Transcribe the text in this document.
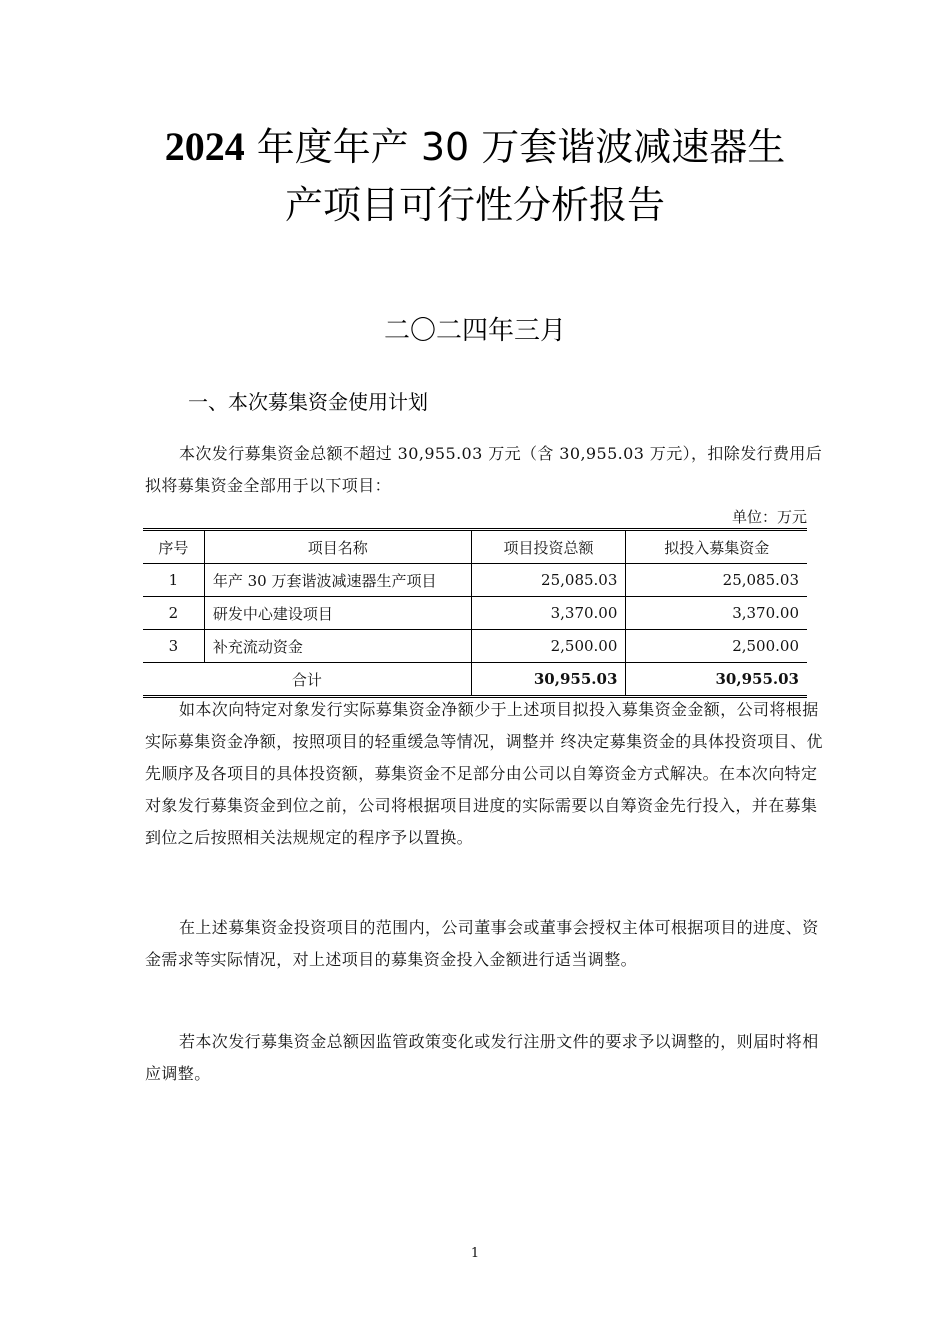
2024 年度年产 30 万套谐波减速器生
产项目可行性分析报告
二〇二四年三月
一、本次募集资金使用计划
本次发行募集资金总额不超过 30,955.03 万元（含 30,955.03 万元），扣除发行费用后拟将募集资金全部用于以下项目：
单位：万元
序号	项目名称	项目投资总额	拟投入募集资金
1	年产 30 万套谐波减速器生产项目	25,085.03	25,085.03
2	研发中心建设项目	3,370.00	3,370.00
3	补充流动资金	2,500.00	2,500.00
合计		30,955.03	30,955.03
如本次向特定对象发行实际募集资金净额少于上述项目拟投入募集资金金额，公司将根据实际募集资金净额，按照项目的轻重缓急等情况，调整并 终决定募集资金的具体投资项目、优先顺序及各项目的具体投资额，募集资金不足部分由公司以自筹资金方式解决。在本次向特定对象发行募集资金到位之前，公司将根据项目进度的实际需要以自筹资金先行投入，并在募集到位之后按照相关法规规定的程序予以置换。
在上述募集资金投资项目的范围内，公司董事会或董事会授权主体可根据项目的进度、资金需求等实际情况，对上述项目的募集资金投入金额进行适当调整。
若本次发行募集资金总额因监管政策变化或发行注册文件的要求予以调整的，则届时将相应调整。
1
